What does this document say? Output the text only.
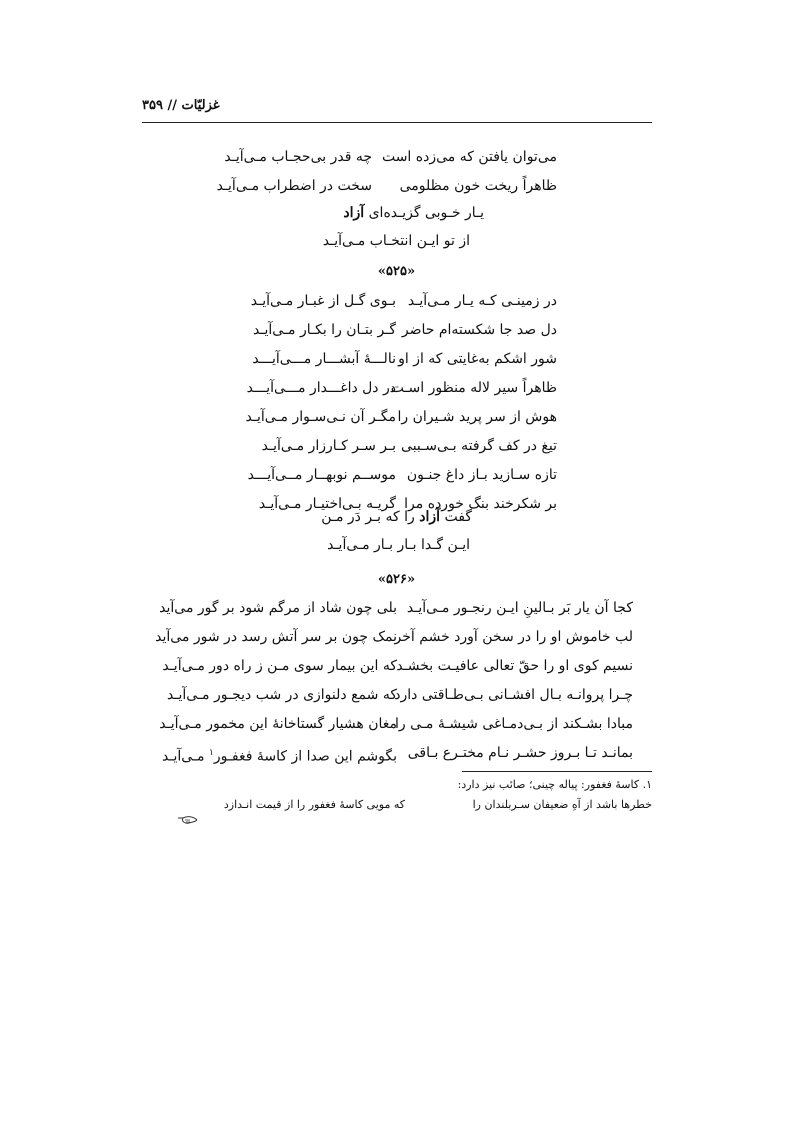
غزلیّات // ۳۵۹
می‌توان یافتن که می‌زده است
چه قدر بی‌حجـاب مـی‌آیـد
ظاهراً ریخت خون مظلومی
سخت در اضطراب مـی‌آیـد
یـار خـوبی گزیـده‌ای آزاد
از تو ایـن انتخـاب مـی‌آیـد
«۵۲۵»
در زمینـی کـه یـار مـی‌آیـد
بـوی گـل از غبـار مـی‌آیـد
دل صد جا شکسته‌ام حاضر
گـر بتـان را بکـار مـی‌آیـد
شور اشکم به‌غایتی که از او
نالـــهٔ آبشـــار مـــی‌آیـــد
ظاهراً سیر لاله منظور اسـت
در دل داغـــدار مـــی‌آیـــد
هوش از سر پرید شـیران را
مگـر آن نـی‌سـوار مـی‌آیـد
تیغ در کف گرفته بـی‌سـببی
بـر سـر کـارزار مـی‌آیـد
تازه سـازید بـاز داغ جنـون
موســم نوبهــار مــی‌آیـــد
بر شکرخند بنگ خورده مرا
گریـه بـی‌اختیـار مـی‌آیـد
گفت آزاد را که بـر دَر مـن
ایـن گـدا بـار بـار مـی‌آیـد
«۵۲۶»
کجا آن یار بَر بـالینِ ایـن رنجـور مـی‌آیـد
بلی چون شاد از مرگم شود بر گور می‌آید
لب خاموش او را در سخن آورد خشم آخر
نمک چون بر سر آتش رسد در شور می‌آید
نسیم کوی او را حقّ تعالی عافیـت بخشـد
که این بیمار سوی مـن ز راه دور مـی‌آیـد
چـرا پروانـه بـال افشـانی بـی‌طـاقتی دارد
که شمع دلنوازی در شب دیجـور مـی‌آیـد
مبادا بشـکند از بـی‌دمـاغی شیشـهٔ مـی را
مغان هشیار گستاخانهٔ این مخمور مـی‌آیـد
بمانـد تـا بـروز حشـر نـام مختـرع بـاقی
بگوشم این صدا از کاسهٔ فغفـور$^۱$ مـی‌آیـد
۱. کاسهٔ فغفور: پیاله چینی؛ صائب نیز دارد:
خطرها باشد از آهِ ضعیفان سـربلندان را
که مویی کاسهٔ فغفور را از قیمت انـدازد
